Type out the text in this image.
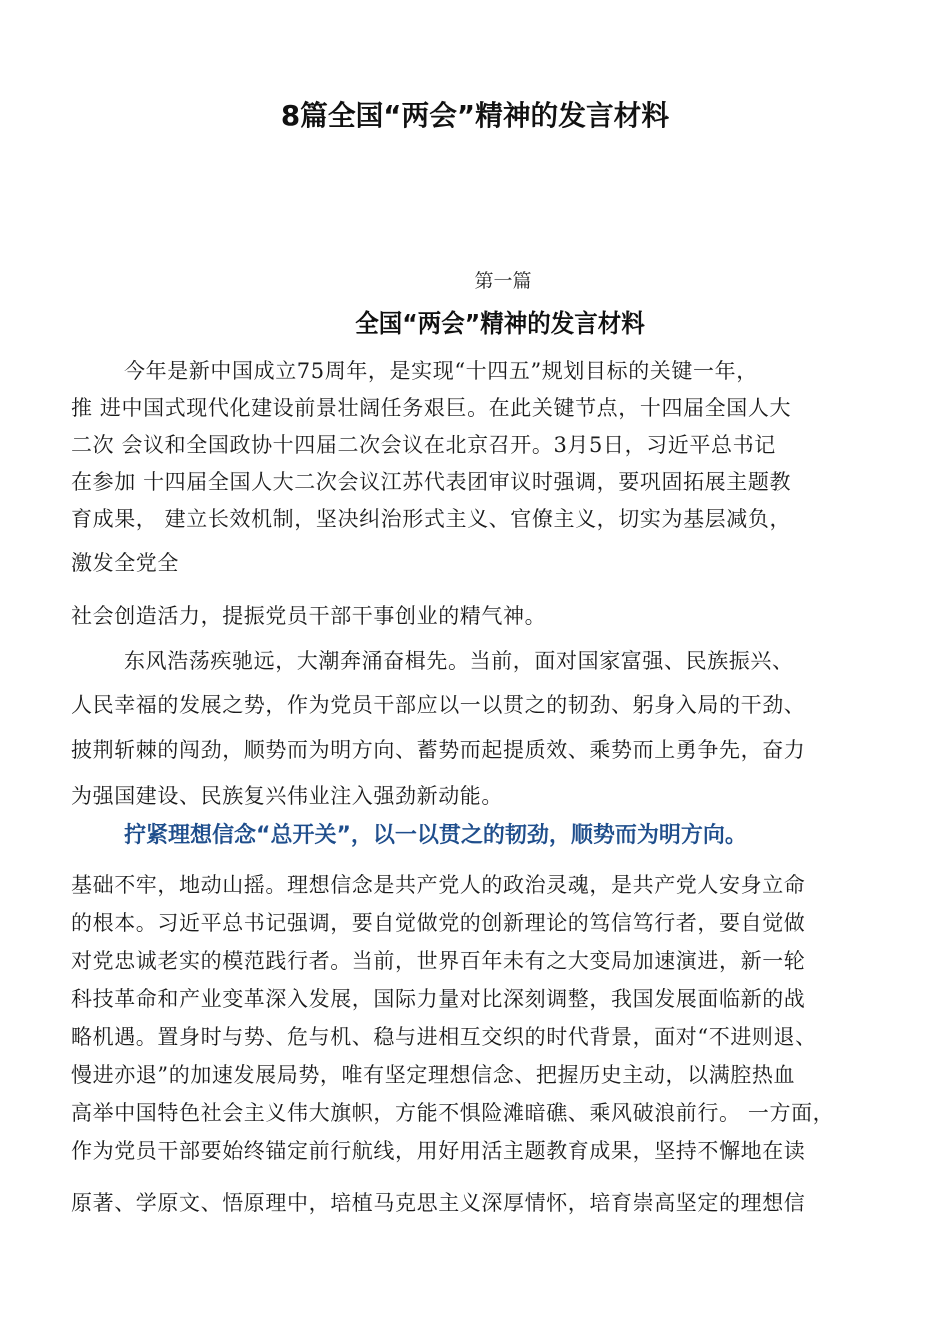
8篇全国“两会”精神的发言材料
第一篇
全国“两会”精神的发言材料
今年是新中国成立75周年，是实现“十四五”规划目标的关键一年，
推 进中国式现代化建设前景壮阔任务艰巨。在此关键节点，十四届全国人大
二次 会议和全国政协十四届二次会议在北京召开。3月5日，习近平总书记
在参加 十四届全国人大二次会议江苏代表团审议时强调，要巩固拓展主题教
育成果， 建立长效机制，坚决纠治形式主义、官僚主义，切实为基层减负，
激发全党全
社会创造活力，提振党员干部干事创业的精气神。
东风浩荡疾驰远，大潮奔涌奋楫先。当前，面对国家富强、民族振兴、
人民幸福的发展之势，作为党员干部应以一以贯之的韧劲、躬身入局的干劲、
披荆斩棘的闯劲，顺势而为明方向、蓄势而起提质效、乘势而上勇争先，奋力
为强国建设、民族复兴伟业注入强劲新动能。
拧紧理想信念“总开关”，以一以贯之的韧劲，顺势而为明方向。
基础不牢，地动山摇。理想信念是共产党人的政治灵魂，是共产党人安身立命
的根本。习近平总书记强调，要自觉做党的创新理论的笃信笃行者，要自觉做
对党忠诚老实的模范践行者。当前，世界百年未有之大变局加速演进，新一轮
科技革命和产业变革深入发展，国际力量对比深刻调整，我国发展面临新的战
略机遇。置身时与势、危与机、稳与进相互交织的时代背景，面对“不进则退、
慢进亦退”的加速发展局势，唯有坚定理想信念、把握历史主动，以满腔热血
高举中国特色社会主义伟大旗帜，方能不惧险滩暗礁、乘风破浪前行。 一方面，
作为党员干部要始终锚定前行航线，用好用活主题教育成果，坚持不懈地在读
原著、学原文、悟原理中，培植马克思主义深厚情怀，培育崇高坚定的理想信
